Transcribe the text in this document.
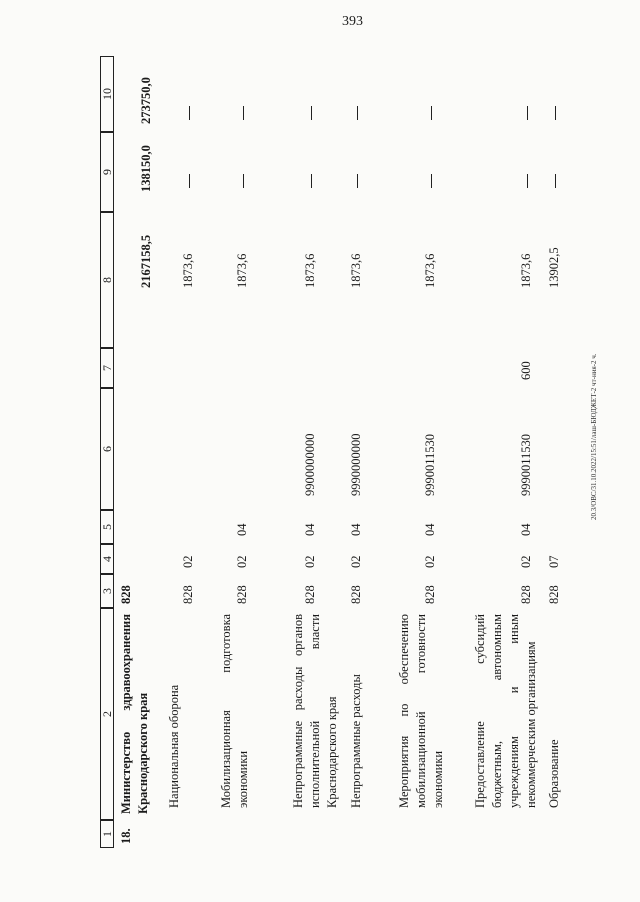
393
20.3/OBC/31.10.2022/15:51/лаш-БЮДЖЕТ-2 чт-ния-2 ч.
1
2
3
4
5
6
7
8
9
10
18.
Министерство здравоохранения Краснодарского края
828
2167158,5
138150,0
273750,0
Национальная оборона
828
02
1873,6
Мобилизационная подготовка экономики
828
02
04
1873,6
Непрограммные расходы органов исполнительной власти Краснодарского края
828
02
04
9900000000
1873,6
Непрограммные расходы
828
02
04
9990000000
1873,6
Мероприятия по обеспечению мобилизационной готовности экономики
828
02
04
9990011530
1873,6
Предоставление субсидий бюджетным, автономным учреждениям и иным некоммерческим организациям
828
02
04
9990011530
600
1873,6
Образование
828
07
13902,5
